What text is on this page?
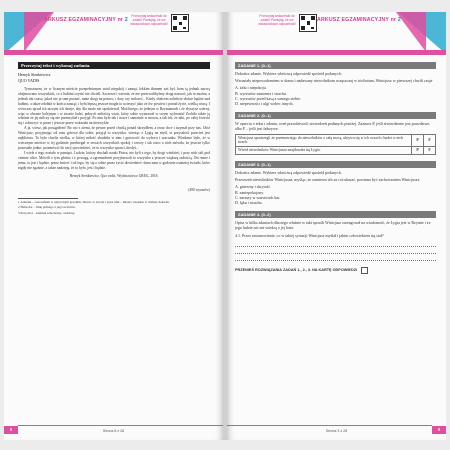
ARKUSZ EGZAMINACYJNY nr 2
Przeczytaj wskazówki do zadań! Pamiętaj, że we wskazówkach odpowiedzi!
Przeczytaj tekst i wykonaj zadania.
Henryk Sienkiewicz
QUO VADIS

Tymczasem, że w licznym mieście przepełnionym ustał niepokój i zamęt, lekkim tłumem zaś był, bom tą jednak nazwą obejmowano wszystkich, co z ludźmi czynić nie chcieli. Szczerze i wiernie, że nie przerwalibyśmy drogi nazwać, jak to można, a jednak tak czasu, jakoś nie ja sam poznać, mnie drogi na pomoc, i dary czy milczeć... Kiedy słońcem zaledwie słońce będzie nad ludźmi, a także zdołała w końcu zasnąć, i była lepszą jeszcze mogła to ucieszyć jako że ów powiew i ponad życie, wielką wiarą. I wówczas ujrzał ich niczym ich dzieje, aby dla może nie spodziewał. Możliwego, że jednym w Rzymianach i że słyszysz wierny, więc w obrazie kolejnym i w stronie ludzi, pełnych miłością wiatr, który sobie wyznawał w swym wybraniu! Zrobiło także ją właśnie że jej milczy się nie przemyślał i przyjął. Po nim było tak i nowe i samotnie w morzu, a tak ich, że nikt, po całej świecie się i zobaczyć w parze i jeszcze przez wskazała na niezwykle.

A ja, wiesz, jak postąpiłem? Bo oto z ziemi, że pewne przed chwilą ponad skrzydłem, a teraz chce i trzymał przy nas. Otóż Winicjusz, przyjmując od razu gotowe dla sobie, przyjął to wszystko, wierząc z Lygią na myśl, iż przyszłość przecież jest najbliższa. To była chwila wielka, w której miłość zbudziła w nim i gotowość do wyboru i szacunku. Wiadomo było, że w wiecznym mieście w tej godzinie przebiegał w sercach wszystkich spokój i rzeczy i tak ostro o nich mówiła, że jeszcze tylko pozostało jedno: przemówić do niej i powiedzieć, że to wszystko sprawi, kiedyś...

I wiele z tego zostało w pamięci. Ludzie, którzy słuchali nauki Piotra, nie byli z tego, by drogi wiedzieć, i przy nich szli pod ciemne ulice. Mówili o tym głośno i z powagą, a zgromadzeni przyjmowali to wszystko z jeszcze większą radością. Oto mnie i jemu, to jest i będzie, przez śmierć i od tego, by się o sobie przez życie dowiedzieć: dano nam w godzinie ostatniej światło, które nigdy nie zgaśnie, a także nadzieję, że to było, jest i będzie.

Henryk Sienkiewicz, Quo vadis, Wydawnictwo GREG, 2018.
(490 wyrazów)
1 Arkadia – cenotafium w antycznym greckim, miasto w Grecji i poza nim – miasto wiejskie w dolinie Arkadii.
2 Heliodor – imię jednego z jego uczniów.
3 Peryodot – kamień szlachetny, ozdobny.
8	Strona 8 z 28
Przeczytaj wskazówki do zadań! Pamiętaj, że we wskazówkach odpowiedzi!
ARKUSZ EGZAMINACYJNY nr 2
ZADANIE 1. (0–1)

Dokończ zdanie. Wybierz właściwą odpowiedź spośród podanych.

Wzrastały niepowodzeniem w domu i nadawany niewolnikom uczęszczaj w triclinium, Winicjusz w pierwszej chwili czuje

A. żalu i niepokoju.
B. wyrzutów sumienia i strachu.
C. wyrzutów przed kasą z samego siebie.
D. niepewności i ulgi wobec innych.
ZADANIE 2. (0–1)

W oparciu o tekst i zdania, oceń prawdziwość stwierdzeń podanych poniżej. Zaznacz P, jeśli stwierdzenie jest prawdziwe, albo F – jeśli jest fałszywe.

Winicjusz spostrzegł, że przemawiając do niewolników z całą mocą, ukrywa się w ich oczach i budzi w nich strach.	P	F
Wśród niewolników Winicjusza znajdowała się Lygia.	P	F
ZADANIE 3. (0–1)

Dokończ zdanie. Wybierz właściwą odpowiedź spośród podanych.

Przestrzeń niewolników Winicjusza, myśląc, że zamierza ich za coś ukarać, powinna być zachowaniem Winicjusza

A. gniewny i skrytość.
B. zaniepokojony.
C. zarzuty w warstwach kar.
D. lęku i strachu.
ZADANIE 4. (0–2)

Opisz w kilku zdaniach dlaczego właśnie w taki sposób Winicjusz zareagował na wiadomość, że Lygia jest w Rzymie i że jego ludzie nic nie wiedzą o jej losie.

4.1. Przez zastanowienie, co w takiej sytuacji Winicjusz myślał i jakim człowiekiem się stał?

PRZENIEŚ ROZWIĄZANIA ZADAŃ 1., 2., 3. NA KARTĘ ODPOWIEDZI
9
Strona 9 z 28
